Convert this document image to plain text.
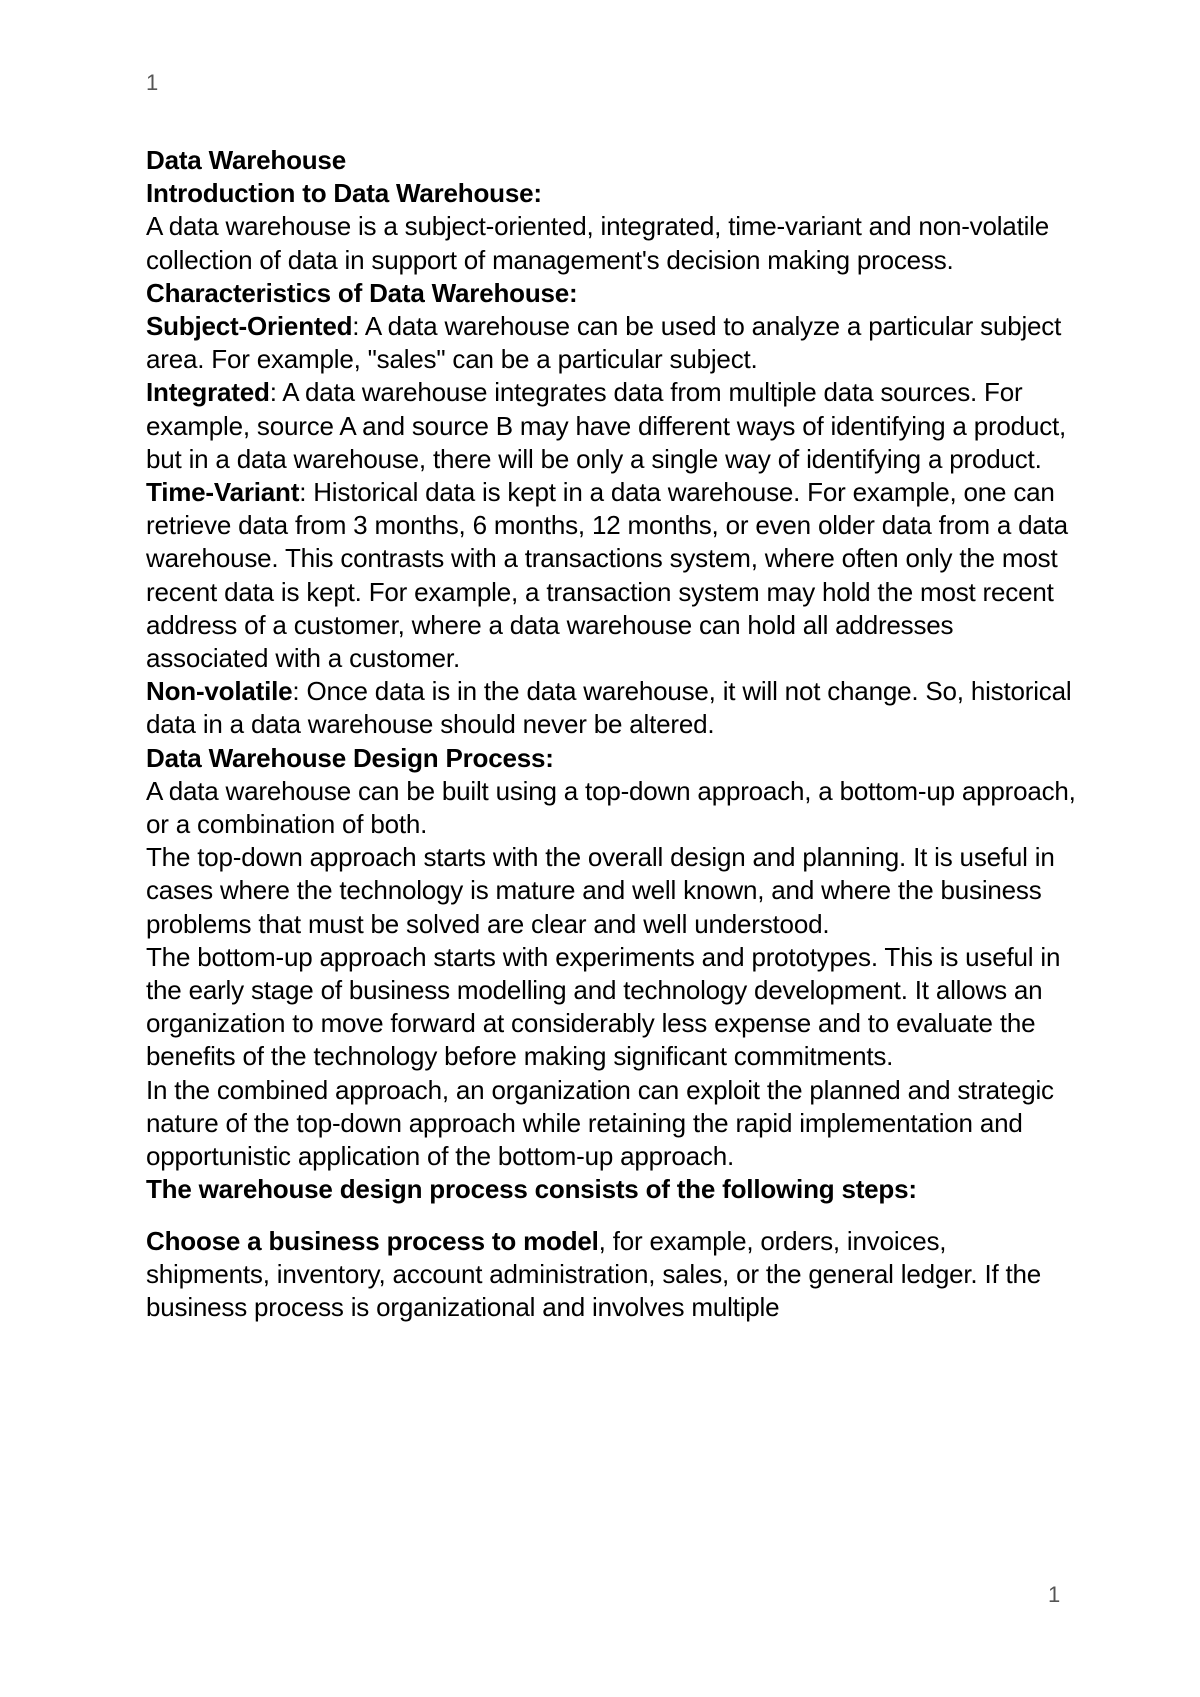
1

Data Warehouse

Introduction to Data Warehouse:

A data warehouse is a subject-oriented, integrated, time-variant and non-volatile collection of data in support of management's decision making process.

Characteristics of Data Warehouse:

Subject-Oriented: A data warehouse can be used to analyze a particular subject area. For example, "sales" can be a particular subject.

Integrated: A data warehouse integrates data from multiple data sources. For example, source A and source B may have different ways of identifying a product, but in a data warehouse, there will be only a single way of identifying a product.

Time-Variant: Historical data is kept in a data warehouse. For example, one can retrieve data from 3 months, 6 months, 12 months, or even older data from a data warehouse. This contrasts with a transactions system, where often only the most recent data is kept. For example, a transaction system may hold the most recent address of a customer, where a data warehouse can hold all addresses associated with a customer.

Non-volatile: Once data is in the data warehouse, it will not change. So, historical data in a data warehouse should never be altered.

Data Warehouse Design Process:

A data warehouse can be built using a top-down approach, a bottom-up approach, or a combination of both.

The top-down approach starts with the overall design and planning. It is useful in cases where the technology is mature and well known, and where the business problems that must be solved are clear and well understood.

The bottom-up approach starts with experiments and prototypes. This is useful in the early stage of business modelling and technology development. It allows an organization to move forward at considerably less expense and to evaluate the benefits of the technology before making significant commitments.

In the combined approach, an organization can exploit the planned and strategic nature of the top-down approach while retaining the rapid implementation and opportunistic application of the bottom-up approach.

The warehouse design process consists of the following steps:

Choose a business process to model, for example, orders, invoices, shipments, inventory, account administration, sales, or the general ledger. If the business process is organizational and involves multiple

1
